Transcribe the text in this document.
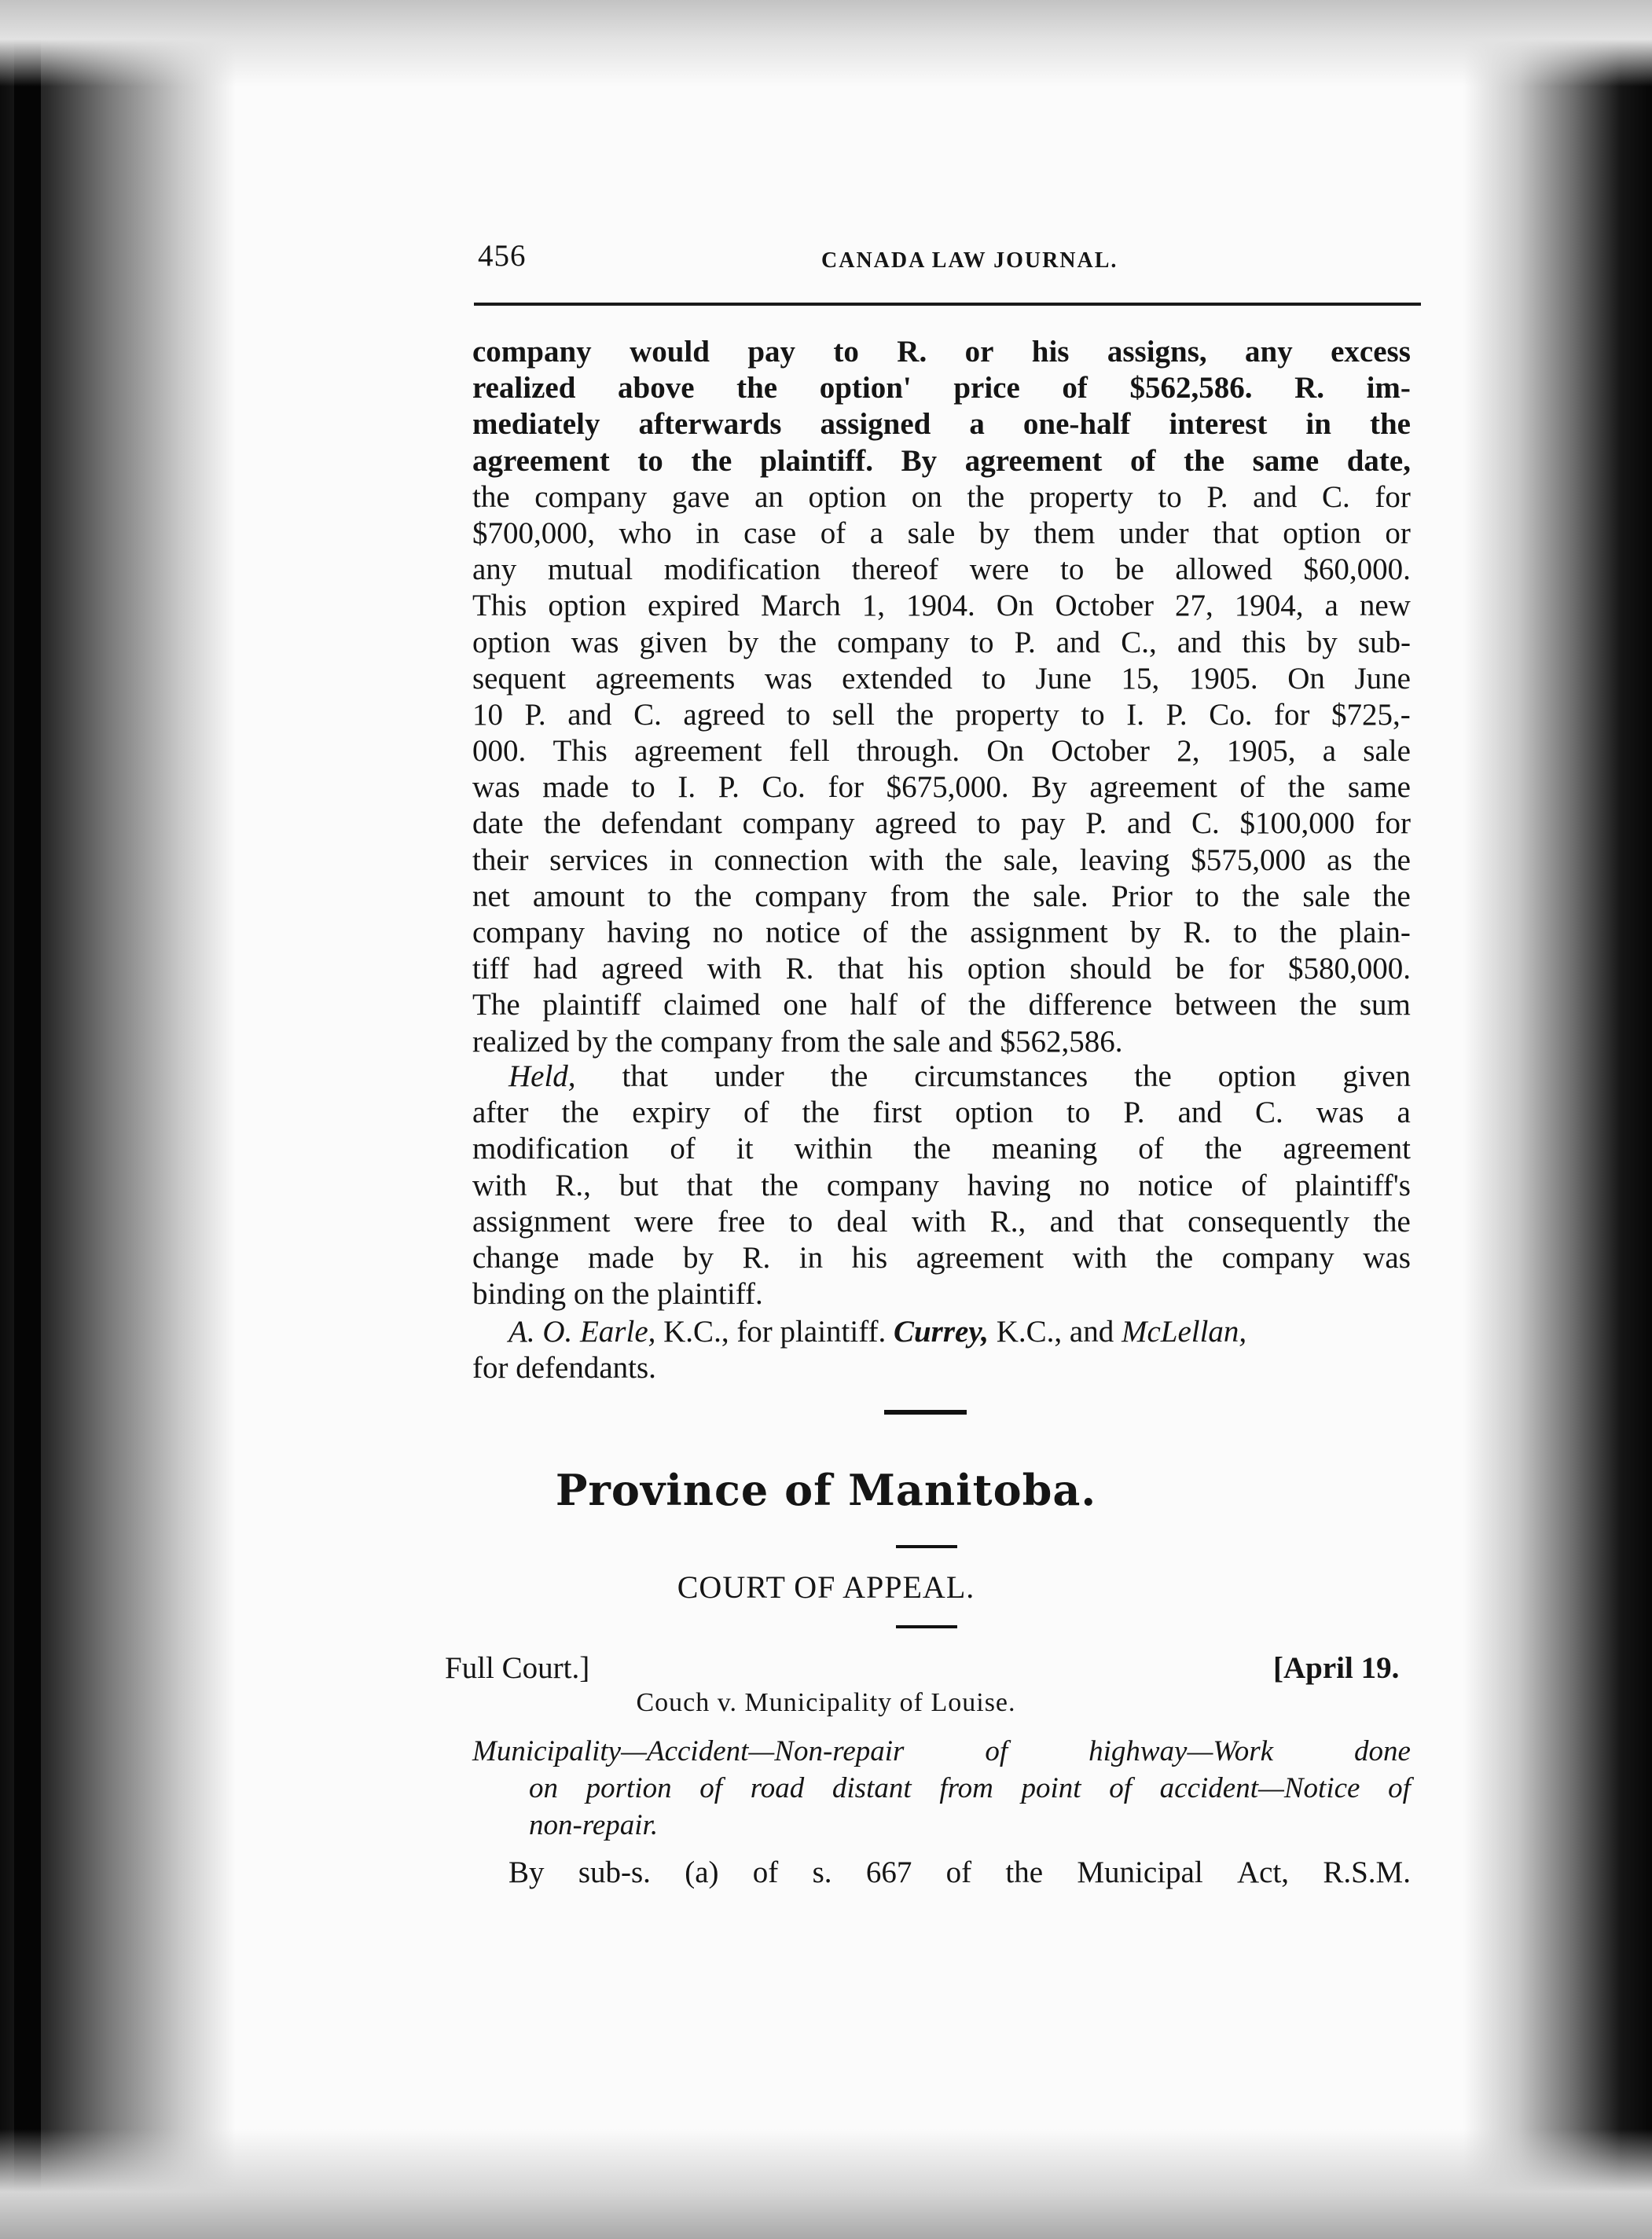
456	CANADA LAW JOURNAL.
company would pay to R. or his assigns, any excess
realized above the option' price of $562,586. R. im-
mediately afterwards assigned a one-half interest in the
agreement to the plaintiff. By agreement of the same date,
the company gave an option on the property to P. and C. for
$700,000, who in case of a sale by them under that option or
any mutual modification thereof were to be allowed $60,000.
This option expired March 1, 1904. On October 27, 1904, a new
option was given by the company to P. and C., and this by sub-
sequent agreements was extended to June 15, 1905. On June
10 P. and C. agreed to sell the property to I. P. Co. for $725,-
000. This agreement fell through. On October 2, 1905, a sale
was made to I. P. Co. for $675,000. By agreement of the same
date the defendant company agreed to pay P. and C. $100,000 for
their services in connection with the sale, leaving $575,000 as the
net amount to the company from the sale. Prior to the sale the
company having no notice of the assignment by R. to the plain-
tiff had agreed with R. that his option should be for $580,000.
The plaintiff claimed one half of the difference between the sum
realized by the company from the sale and $562,586.
Held, that under the circumstances the option given
after the expiry of the first option to P. and C. was a
modification of it within the meaning of the agreement
with R., but that the company having no notice of plaintiff's
assignment were free to deal with R., and that consequently the
change made by R. in his agreement with the company was
binding on the plaintiff.
A. O. Earle,
K.C., for plaintiff.
Currey,
K.C., and
McLellan,
for defendants.
Province of Manitoba.
COURT OF APPEAL.
Full Court.]	[April 19.
Couch v. Municipality of Louise.
Municipality—Accident—Non-repair	of	highway—Work	done
on portion of road distant from point of accident—Notice of
non-repair.
By sub-s. (a) of s. 667 of the Municipal Act, R.S.M.
